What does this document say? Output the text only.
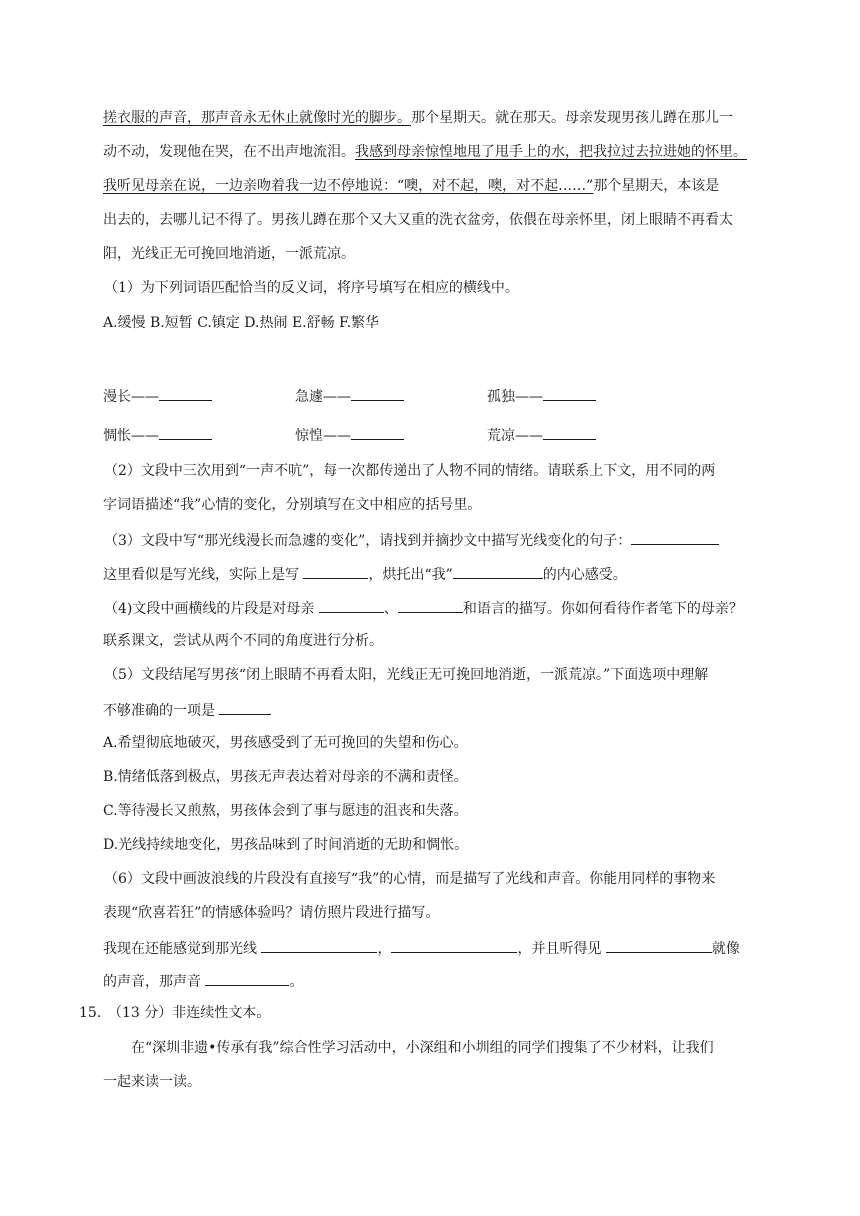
搓衣服的声音，那声音永无休止就像时光的脚步。那个星期天。就在那天。母亲发现男孩儿蹲在那儿一
动不动，发现他在哭，在不出声地流泪。我感到母亲惊惶地甩了甩手上的水，把我拉过去拉进她的怀里。
我听见母亲在说，一边亲吻着我一边不停地说：“噢，对不起，噢，对不起……”那个星期天，本该是
出去的，去哪儿记不得了。男孩儿蹲在那个又大又重的洗衣盆旁，依偎在母亲怀里，闭上眼睛不再看太
阳，光线正无可挽回地消逝，一派荒凉。
（1）为下列词语匹配恰当的反义词，将序号填写在相应的横线中。
A.缓慢 B.短暂 C.镇定 D.热闹 E.舒畅 F.繁华
漫长——	急遽——	孤独——
惆怅——	惊惶——	荒凉——
（2）文段中三次用到“一声不吭”，每一次都传递出了人物不同的情绪。请联系上下文，用不同的两
字词语描述“我”心情的变化，分别填写在文中相应的括号里。
（3）文段中写“那光线漫长而急遽的变化”，请找到并摘抄文中描写光线变化的句子：
这里看似是写光线，实际上是写	，烘托出“我”	的内心感受。
（4)文段中画横线的片段是对母亲	、	和语言的描写。你如何看待作者笔下的母亲？
联系课文，尝试从两个不同的角度进行分析。
（5）文段结尾写男孩“闭上眼睛不再看太阳，光线正无可挽回地消逝，一派荒凉。”下面选项中理解
不够准确的一项是
A.希望彻底地破灭，男孩感受到了无可挽回的失望和伤心。
B.情绪低落到极点，男孩无声表达着对母亲的不满和责怪。
C.等待漫长又煎熬，男孩体会到了事与愿违的沮丧和失落。
D.光线持续地变化，男孩品味到了时间消逝的无助和惆怅。
（6）文段中画波浪线的片段没有直接写“我”的心情，而是描写了光线和声音。你能用同样的事物来
表现“欣喜若狂”的情感体验吗？请仿照片段进行描写。
我现在还能感觉到那光线	，	，并且听得见	就像
的声音，那声音	。
15. （13 分）非连续性文本。
在“深圳非遗•传承有我”综合性学习活动中，小深组和小圳组的同学们搜集了不少材料，让我们
一起来读一读。
